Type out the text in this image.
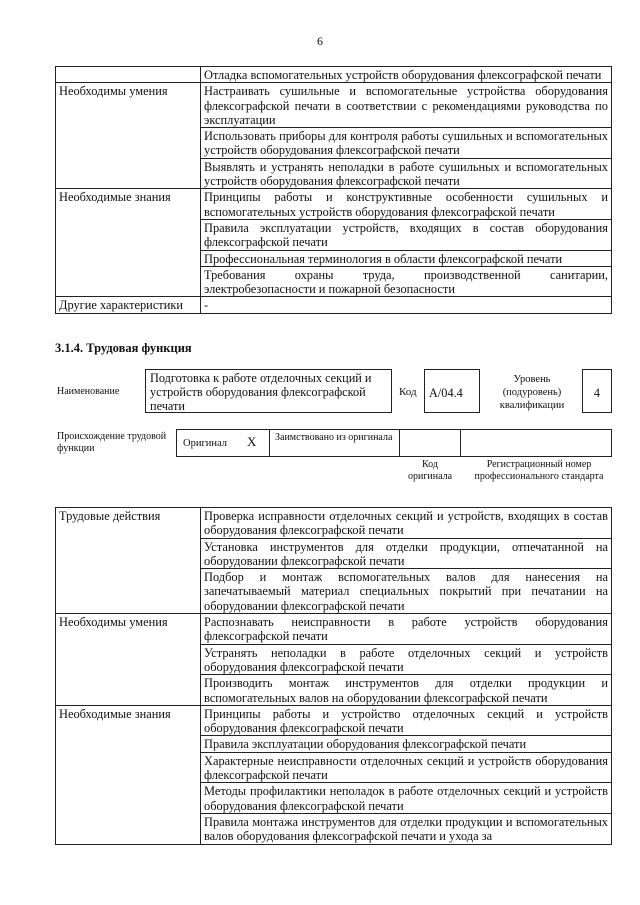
6
	Отладка вспомогательных устройств оборудования флексографской печати
Необходимы умения	Настраивать сушильные и вспомогательные устройства оборудования флексографской печати в соответствии с рекомендациями руководства по эксплуатации
	Использовать приборы для контроля работы сушильных и вспомогательных устройств оборудования флексографской печати
	Выявлять и устранять неполадки в работе сушильных и вспомогательных устройств оборудования флексографской печати
Необходимые знания	Принципы работы и конструктивные особенности сушильных и вспомогательных устройств оборудования флексографской печати
	Правила эксплуатации устройств, входящих в состав оборудования флексографской печати
	Профессиональная терминология в области флексографской печати
	Требования охраны труда, производственной санитарии, электробезопасности и пожарной безопасности
Другие характеристики	-
3.1.4. Трудовая функция
Наименование
Подготовка к работе отделочных секций и устройств оборудования флексографской печати
Код	A/04.4
Уровень (подуровень) квалификации
4
Происхождение трудовой функции	Оригинал X Заимствовано из оригинала
Код оригинала
Регистрационный номер профессионального стандарта
Трудовые действия	Проверка исправности отделочных секций и устройств, входящих в состав оборудования флексографской печати
	Установка инструментов для отделки продукции, отпечатанной на оборудовании флексографской печати
	Подбор и монтаж вспомогательных валов для нанесения на запечатываемый материал специальных покрытий при печатании на оборудовании флексографской печати
Необходимы умения	Распознавать неисправности в работе устройств оборудования флексографской печати
	Устранять неполадки в работе отделочных секций и устройств оборудования флексографской печати
	Производить монтаж инструментов для отделки продукции и вспомогательных валов на оборудовании флексографской печати
Необходимые знания	Принципы работы и устройство отделочных секций и устройств оборудования флексографской печати
	Правила эксплуатации оборудования флексографской печати
	Характерные неисправности отделочных секций и устройств оборудования флексографской печати
	Методы профилактики неполадок в работе отделочных секций и устройств оборудования флексографской печати
	Правила монтажа инструментов для отделки продукции и вспомогательных валов оборудования флексографской печати и ухода за
